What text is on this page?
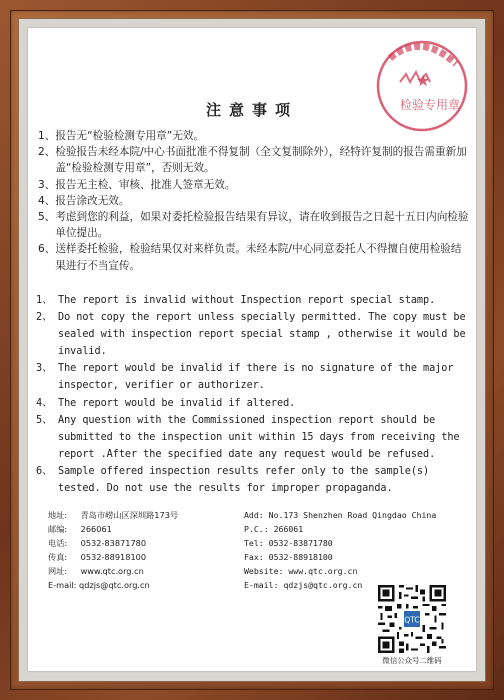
★
检验专用章
注意事项
1、 报告无“检验检测专用章”无效。
2、 检验报告未经本院/中心书面批准不得复制（全文复制除外），经特许复制的报告需重新加盖“检验检测专用章”，否则无效。
3、 报告无主检、审核、批准人签章无效。
4、 报告涂改无效。
5、 考虑到您的利益，如果对委托检验报告结果有异议，请在收到报告之日起十五日内向检验单位提出。
6、 送样委托检验，检验结果仅对来样负责。未经本院/中心同意委托人不得擅自使用检验结果进行不当宣传。
1、 The report is invalid without Inspection report special stamp.
2、 Do not copy the report unless specially permitted. The copy must be sealed with inspection report special stamp , otherwise it would be invalid.
3、 The report would be invalid if there is no signature of the major inspector, verifier or authorizer.
4、 The report would be invalid if altered.
5、 Any question with the Commissioned inspection report should be submitted to the inspection unit within 15 days from receiving the report .After the specified date any request would be refused.
6、 Sample offered inspection results refer only to the sample(s) tested. Do not use the results for improper propaganda.
地址: 青岛市崂山区深圳路173号
邮编: 266061
电话: 0532-83871780
传真: 0532-88918100
网址: www.qtc.org.cn
E-mail: qdzjs@qtc.org.cn
Add: No.173 Shenzhen Road Qingdao China
P.C.: 266061
Tel: 0532-83871780
Fax: 0532-88918100
Website: www.qtc.org.cn
E-mail: qdzjs@qtc.org.cn
QTC
微信公众号二维码
